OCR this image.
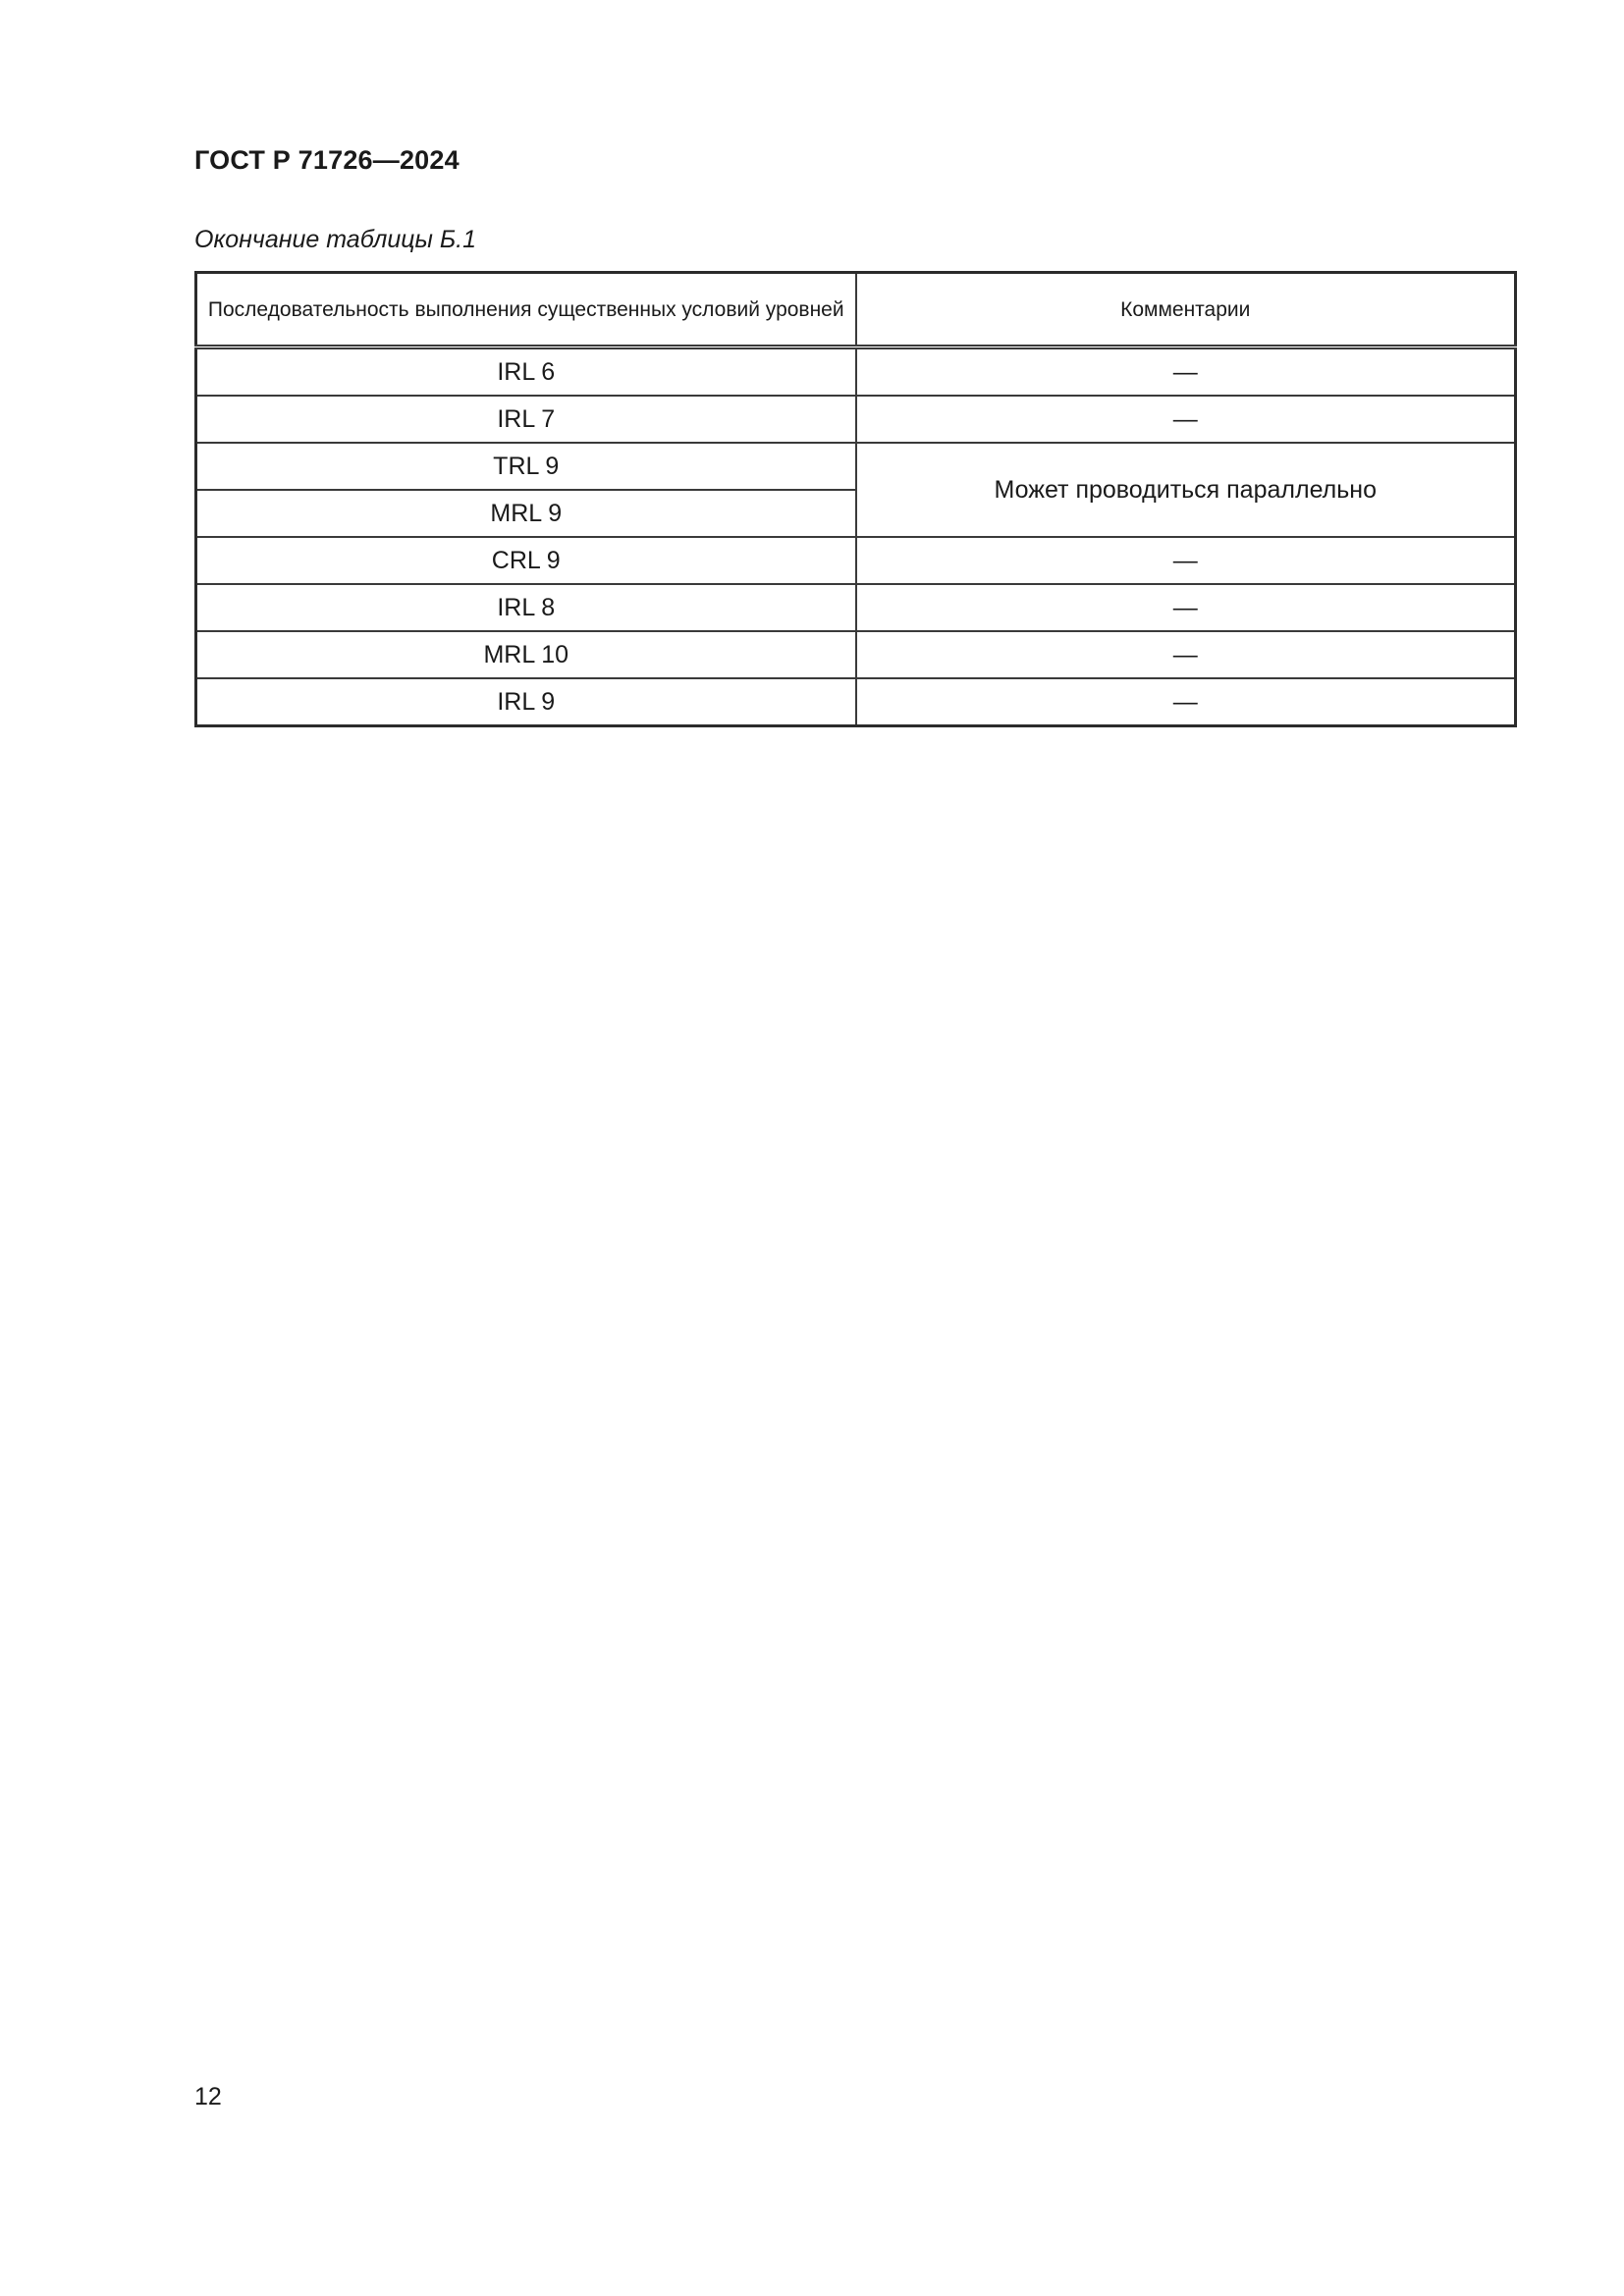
ГОСТ Р 71726—2024
Окончание таблицы Б.1
Последовательность выполнения существенных условий уровней	Комментарии
IRL 6	—
IRL 7	—
TRL 9	Может проводиться параллельно
MRL 9	
CRL 9	—
IRL 8	—
MRL 10	—
IRL 9	—
12
